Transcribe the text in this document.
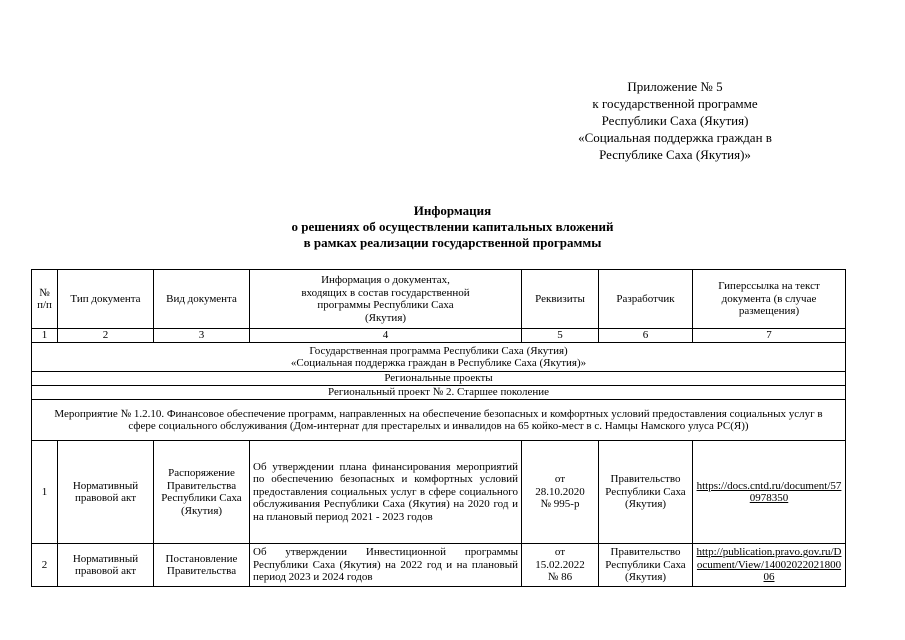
Приложение № 5
к государственной программе
Республики Саха (Якутия)
«Социальная поддержка граждан в
Республике Саха (Якутия)»
Информация
о решениях об осуществлении капитальных вложений
в рамках реализации государственной программы
№ п/п	Тип документа	Вид документа	Информация о документах, входящих в состав государственной программы Республики Саха (Якутия)	Реквизиты	Разработчик	Гиперссылка на текст документа (в случае размещения)
1	2	3	4	5	6	7

Государственная программа Республики Саха (Якутия)
«Социальная поддержка граждан в Республике Саха (Якутия)»						

Региональные проекты						
Региональный проект № 2. Старшее поколение						
Мероприятие № 1.2.10. Финансовое обеспечение программ, направленных на обеспечение безопасных и комфортных условий предоставления социальных услуг в сфере социального обслуживания (Дом-интернат для престарелых и инвалидов на 65 койко-мест в с. Намцы Намского улуса РС(Я))						
1	Нормативный правовой акт	Распоряжение Правительства Республики Саха (Якутия)	Об утверждении плана финансирования мероприятий по обеспечению безопасных и комфортных условий предоставления социальных услуг в сфере социального обслуживания Республики Саха (Якутия) на 2020 год и на плановый период 2021 - 2023 годов	от 28.10.2020 № 995-р	Правительство Республики Саха (Якутия)	https://docs.cntd.ru/document/570978350
2	Нормативный правовой акт	Постановление Правительства	Об утверждении Инвестиционной программы Республики Саха (Якутия) на 2022 год и на плановый период 2023 и 2024 годов	от 15.02.2022 № 86	Правительство Республики Саха (Якутия)	http://publication.pravo.gov.ru/Document/View/1400202202180006
